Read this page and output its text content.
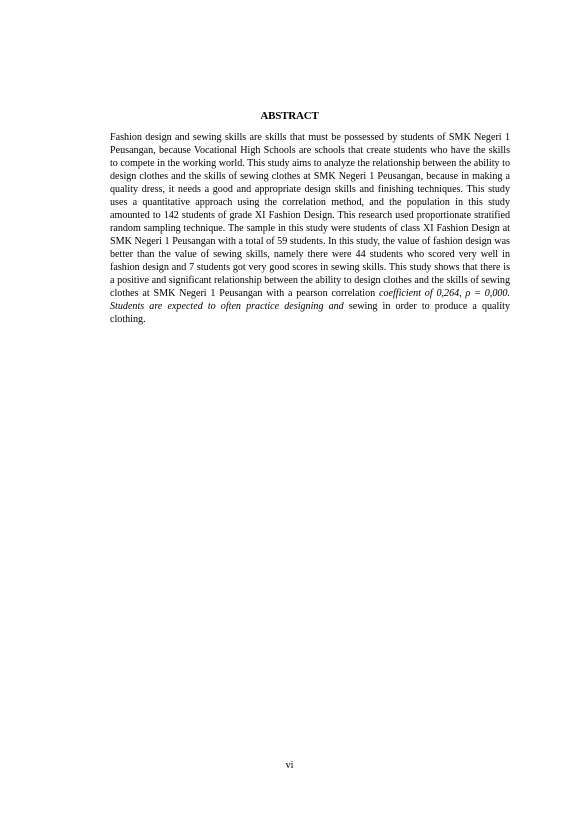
ABSTRACT
Fashion design and sewing skills are skills that must be possessed by students of SMK Negeri 1 Peusangan, because Vocational High Schools are schools that create students who have the skills to compete in the working world. This study aims to analyze the relationship between the ability to design clothes and the skills of sewing clothes at SMK Negeri 1 Peusangan, because in making a quality dress, it needs a good and appropriate design skills and finishing techniques. This study uses a quantitative approach using the correlation method, and the population in this study amounted to 142 students of grade XI Fashion Design. This research used proportionate stratified random sampling technique. The sample in this study were students of class XI Fashion Design at SMK Negeri 1 Peusangan with a total of 59 students. In this study, the value of fashion design was better than the value of sewing skills, namely there were 44 students who scored very well in fashion design and 7 students got very good scores in sewing skills. This study shows that there is a positive and significant relationship between the ability to design clothes and the skills of sewing clothes at SMK Negeri 1 Peusangan with a pearson correlation coefficient of 0,264, ρ = 0,000. Students are expected to often practice designing and sewing in order to produce a quality clothing.
vi
